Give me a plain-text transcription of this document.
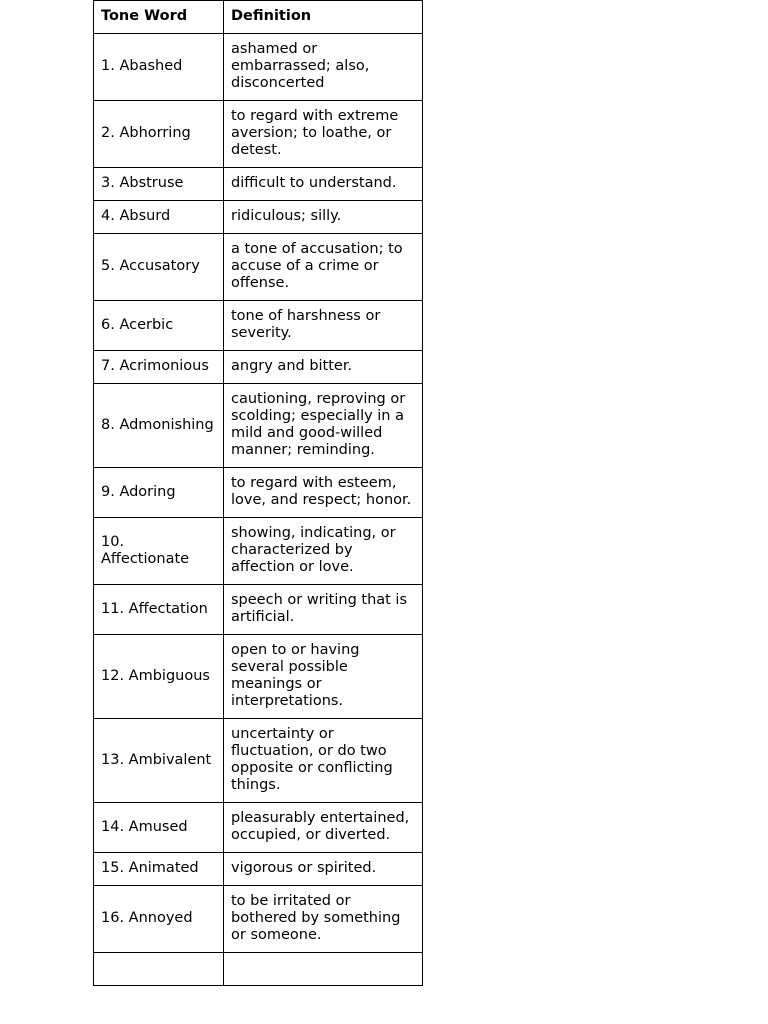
Tone Word	Definition
1. Abashed	ashamed or embarrassed; also, disconcerted
2. Abhorring	to regard with extreme aversion; to loathe, or detest.
3. Abstruse	difficult to understand.
4. Absurd	ridiculous; silly.
5. Accusatory	a tone of accusation; to accuse of a crime or offense.
6. Acerbic	tone of harshness or severity.
7. Acrimonious	angry and bitter.
8. Admonishing	cautioning, reproving or scolding; especially in a mild and good-willed manner; reminding.
9. Adoring	to regard with esteem, love, and respect; honor.
10. Affectionate	showing, indicating, or characterized by affection or love.
11. Affectation	speech or writing that is artificial.
12. Ambiguous	open to or having several possible meanings or interpretations.
13. Ambivalent	uncertainty or fluctuation, or do two opposite or conflicting things.
14. Amused	pleasurably entertained, occupied, or diverted.
15. Animated	vigorous or spirited.
16. Annoyed	to be irritated or bothered by something or someone.
